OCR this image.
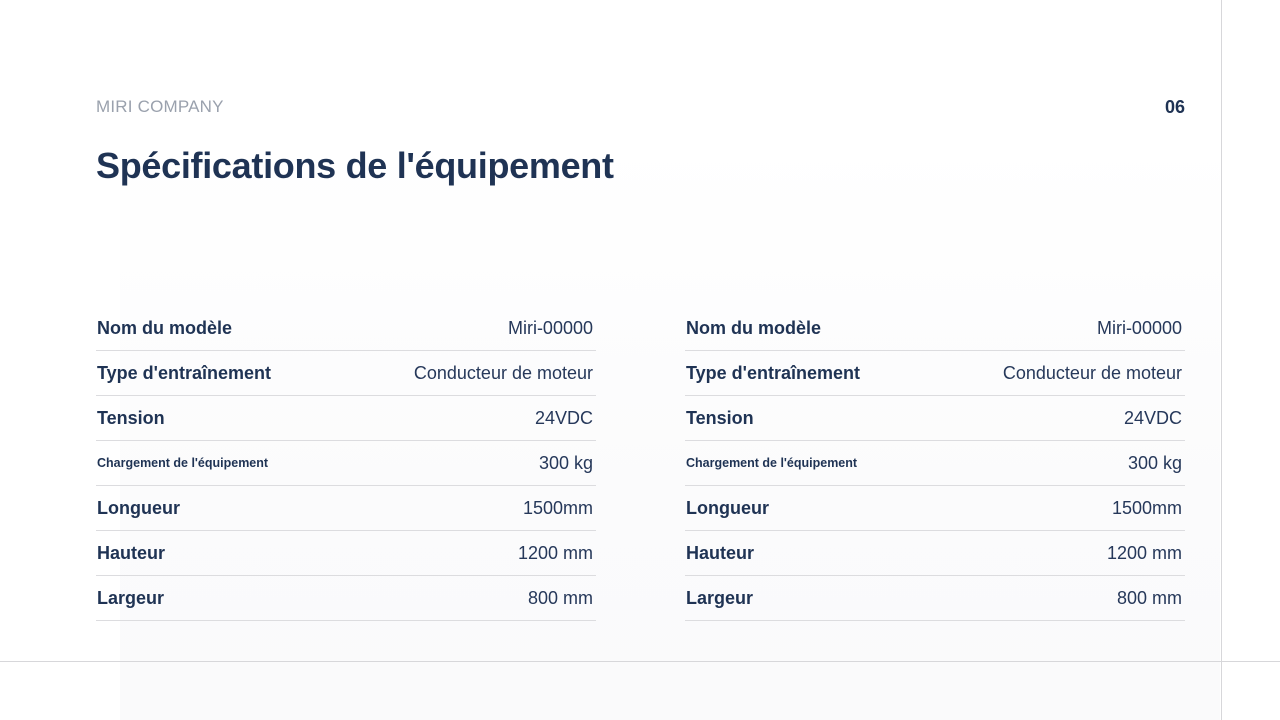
MIRI COMPANY	06
Spécifications de l'équipement
Nom du modèle	Miri-00000
Type d'entraînement	Conducteur de moteur
Tension	24VDC
Chargement de l'équipement	300 kg
Longueur	1500mm
Hauteur	1200 mm
Largeur	800 mm
Nom du modèle	Miri-00000
Type d'entraînement	Conducteur de moteur
Tension	24VDC
Chargement de l'équipement	300 kg
Longueur	1500mm
Hauteur	1200 mm
Largeur	800 mm
